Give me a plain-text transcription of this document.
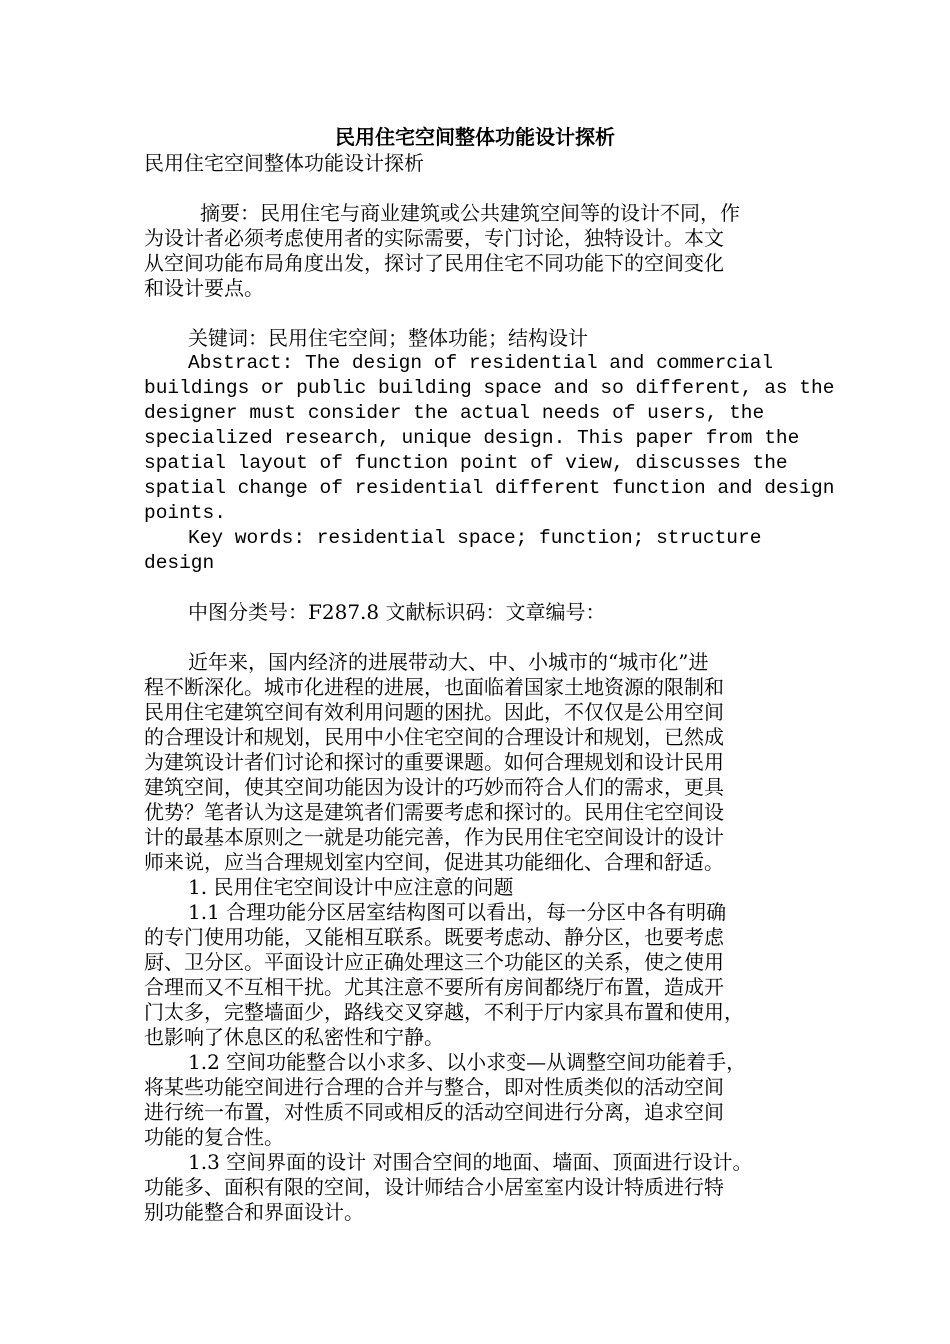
民用住宅空间整体功能设计探析
民用住宅空间整体功能设计探析
摘要：民用住宅与商业建筑或公共建筑空间等的设计不同，作
为设计者必须考虑使用者的实际需要，专门讨论，独特设计。本文
从空间功能布局角度出发，探讨了民用住宅不同功能下的空间变化
和设计要点。
关键词：民用住宅空间；整体功能；结构设计
Abstract: The design of residential and commercial
buildings or public building space and so different, as the
designer must consider the actual needs of users, the
specialized research, unique design. This paper from the
spatial layout of function point of view, discusses the
spatial change of residential different function and design
points.
Key words: residential space; function; structure
design
中图分类号：F287.8 文献标识码：文章编号：
近年来，国内经济的进展带动大、中、小城市的“城市化”进
程不断深化。城市化进程的进展，也面临着国家土地资源的限制和
民用住宅建筑空间有效利用问题的困扰。因此，不仅仅是公用空间
的合理设计和规划，民用中小住宅空间的合理设计和规划，已然成
为建筑设计者们讨论和探讨的重要课题。如何合理规划和设计民用
建筑空间，使其空间功能因为设计的巧妙而符合人们的需求，更具
优势？笔者认为这是建筑者们需要考虑和探讨的。民用住宅空间设
计的最基本原则之一就是功能完善，作为民用住宅空间设计的设计
师来说，应当合理规划室内空间，促进其功能细化、合理和舒适。
1. 民用住宅空间设计中应注意的问题
1.1 合理功能分区居室结构图可以看出，每一分区中各有明确
的专门使用功能，又能相互联系。既要考虑动、静分区，也要考虑
厨、卫分区。平面设计应正确处理这三个功能区的关系，使之使用
合理而又不互相干扰。尤其注意不要所有房间都绕厅布置，造成开
门太多，完整墙面少，路线交叉穿越，不利于厅内家具布置和使用，
也影响了休息区的私密性和宁静。
1.2 空间功能整合以小求多、以小求变—从调整空间功能着手，
将某些功能空间进行合理的合并与整合，即对性质类似的活动空间
进行统一布置，对性质不同或相反的活动空间进行分离，追求空间
功能的复合性。
1.3 空间界面的设计 对围合空间的地面、墙面、顶面进行设计。
功能多、面积有限的空间，设计师结合小居室室内设计特质进行特
别功能整合和界面设计。
